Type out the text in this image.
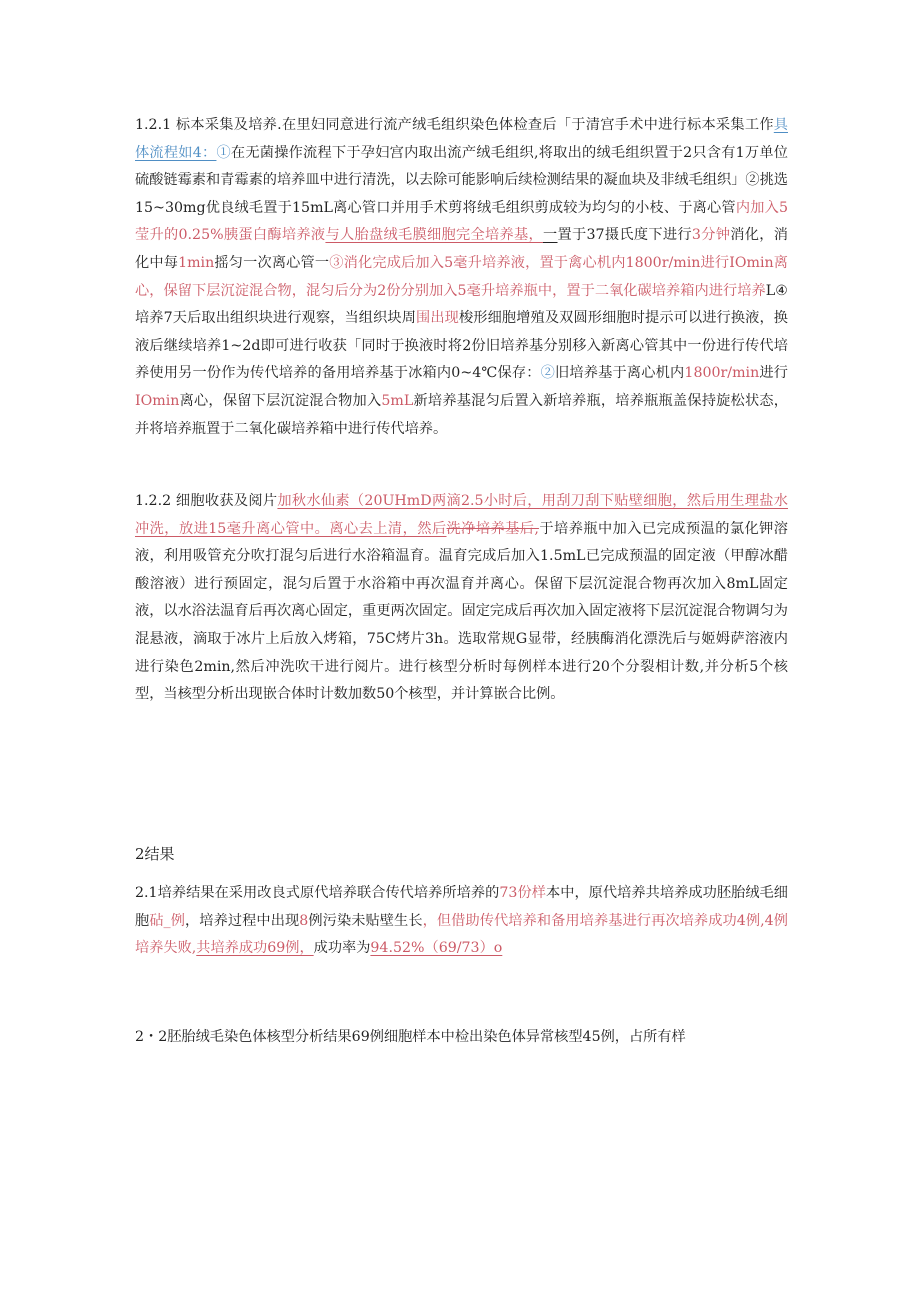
1.2.1 标本采集及培养.在里妇同意进行流产绒毛组织染色体检查后「于清宫手术中进行标本采集工作具体流程如4：①在无菌操作流程下于孕妇宫内取出流产绒毛组织,将取出的绒毛组织置于2只含有1万单位硫酸链霉素和青霉素的培养皿中进行清洗，以去除可能影响后续检测结果的凝血块及非绒毛组织」②挑选15~30mg优良绒毛置于15mL离心管口并用手术剪将绒毛组织剪成较为均匀的小枝、于离心管内加入5莹升的0.25%胰蛋白酶培养液与人胎盘绒毛膜细胞完全培养基，一置于37摄氏度下进行3分钟消化，消化中每1min摇匀一次离心管一③消化完成后加入5毫升培养液，置于禽心机内1800r/min进行IOmin离心，保留下层沉淀混合物，混匀后分为2份分别加入5毫升培养瓶中，置于二氧化碳培养箱内进行培养L④培养7天后取出组织块进行观察，当组织块周围出现梭形细胞增殖及双圆形细胞时提示可以进行换液，换液后继续培养1~2d即可进行收获「同时于换液时将2份旧培养基分别移入新离心管其中一份进行传代培养使用另一份作为传代培养的备用培养基于冰箱内0~4℃保存：②旧培养基于离心机内1800r/min进行IOmin离心，保留下层沉淀混合物加入5mL新培养基混匀后置入新培养瓶，培养瓶瓶盖保持旋松状态，并将培养瓶置于二氧化碳培养箱中进行传代培养。

1.2.2 细胞收获及阅片加秋水仙素（20UHmD两滴2.5小时后，用刮刀刮下贴壁细胞，然后用生理盐水冲洗，放进15毫升离心管中。离心去上清，然后洗净培养基后,于培养瓶中加入已完成预温的氯化钾溶液，利用吸管充分吹打混匀后进行水浴箱温育。温育完成后加入1.5mL已完成预温的固定液（甲醇冰醋酸溶液）进行预固定，混匀后置于水浴箱中再次温育并离心。保留下层沉淀混合物再次加入8mL固定液，以水浴法温育后再次离心固定，重更两次固定。固定完成后再次加入固定液将下层沉淀混合物调匀为混悬液，滴取于冰片上后放入烤箱，75C烤片3h。选取常规G显带，经胰酶消化漂洗后与姬姆萨溶液内进行染色2min,然后冲洗吹干进行阅片。进行核型分析时每例样本进行20个分裂相计数,并分析5个核型，当核型分析出现嵌合体时计数加数50个核型，并计算嵌合比例。

2结果

2.1培养结果在采用改良式原代培养联合传代培养所培养的73份样本中，原代培养共培养成功胚胎绒毛细胞砧_例，培养过程中出现8例污染未贴壁生长，但借助传代培养和备用培养基进行再次培养成功4例,4例培养失败,共培养成功69例，成功率为94.52%（69/73）o

2・2胚胎绒毛染色体核型分析结果69例细胞样本中检出染色体异常核型45例，占所有样
